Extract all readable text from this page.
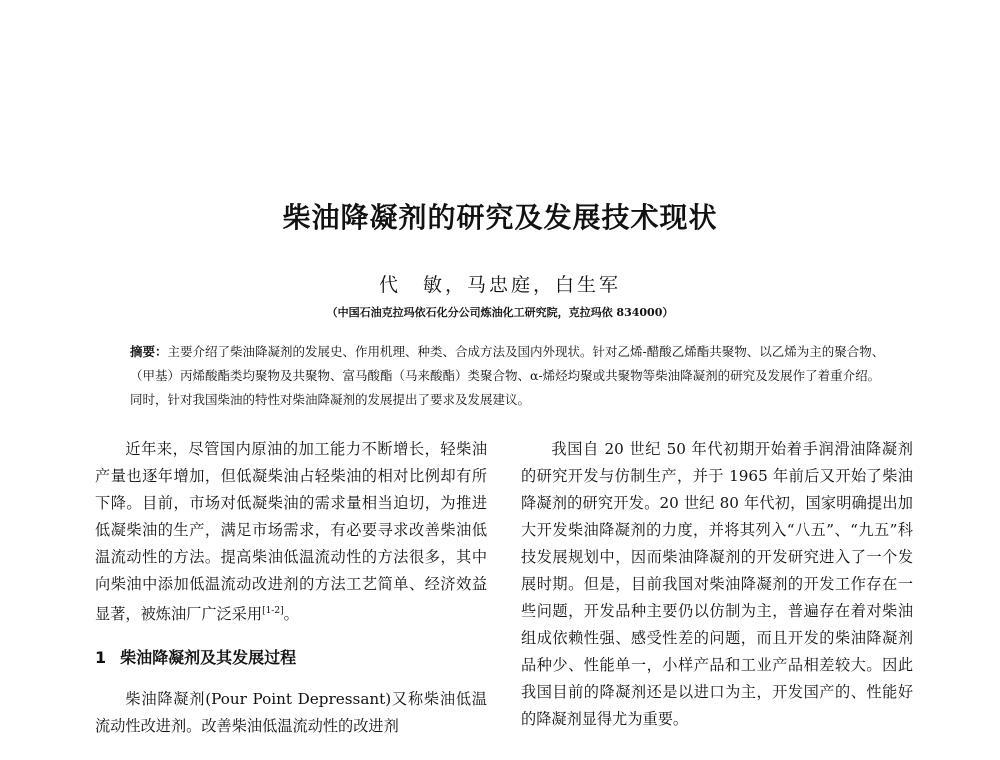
柴油降凝剂的研究及发展技术现状
代　敏，马忠庭，白生军
（中国石油克拉玛依石化分公司炼油化工研究院，克拉玛依 834000）

摘要：主要介绍了柴油降凝剂的发展史、作用机理、种类、合成方法及国内外现状。针对乙烯-醋酸乙烯酯共聚物、以乙烯为主的聚合物、（甲基）丙烯酸酯类均聚物及共聚物、富马酸酯（马来酸酯）类聚合物、α-烯烃均聚或共聚物等柴油降凝剂的研究及发展作了着重介绍。同时，针对我国柴油的特性对柴油降凝剂的发展提出了要求及发展建议。

近年来，尽管国内原油的加工能力不断增长，轻柴油产量也逐年增加，但低凝柴油占轻柴油的相对比例却有所下降。目前，市场对低凝柴油的需求量相当迫切，为推进低凝柴油的生产，满足市场需求，有必要寻求改善柴油低温流动性的方法。提高柴油低温流动性的方法很多，其中向柴油中添加低温流动改进剂的方法工艺简单、经济效益显著，被炼油厂广泛采用[1-2]。

1 柴油降凝剂及其发展过程

柴油降凝剂(Pour Point Depressant)又称柴油低温流动性改进剂。改善柴油低温流动性的改进剂

我国自 20 世纪 50 年代初期开始着手润滑油降凝剂的研究开发与仿制生产，并于 1965 年前后又开始了柴油降凝剂的研究开发。20 世纪 80 年代初，国家明确提出加大开发柴油降凝剂的力度，并将其列入“八五”、“九五”科技发展规划中，因而柴油降凝剂的开发研究进入了一个发展时期。但是，目前我国对柴油降凝剂的开发工作存在一些问题，开发品种主要仍以仿制为主，普遍存在着对柴油组成依赖性强、感受性差的问题，而且开发的柴油降凝剂品种少、性能单一，小样产品和工业产品相差较大。因此我国目前的降凝剂还是以进口为主，开发国产的、性能好的降凝剂显得尤为重要。
